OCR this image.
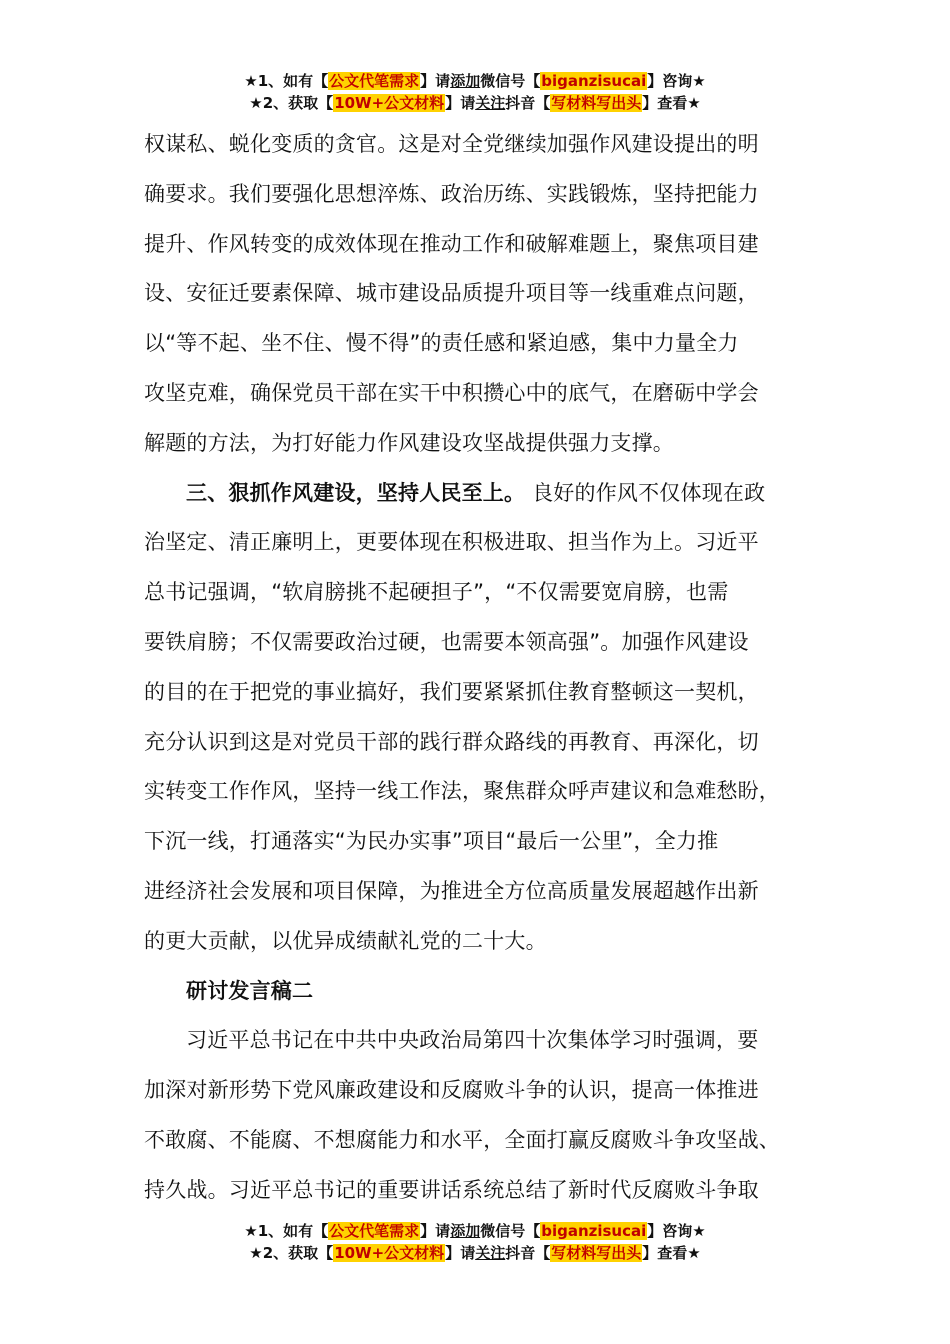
★1、如有【公文代笔需求】请添加微信号【biganzisucai】咨询★
★2、获取【10W+公文材料】请关注抖音【写材料写出头】查看★
权谋私、蜕化变质的贪官。这是对全党继续加强作风建设提出的明
确要求。我们要强化思想淬炼、政治历练、实践锻炼，坚持把能力
提升、作风转变的成效体现在推动工作和破解难题上，聚焦项目建
设、安征迁要素保障、城市建设品质提升项目等一线重难点问题，
以“等不起、坐不住、慢不得”的责任感和紧迫感，集中力量全力
攻坚克难，确保党员干部在实干中积攒心中的底气，在磨砺中学会
解题的方法，为打好能力作风建设攻坚战提供强力支撑。
三、狠抓作风建设，坚持人民至上。 良好的作风不仅体现在政
治坚定、清正廉明上，更要体现在积极进取、担当作为上。习近平
总书记强调，“软肩膀挑不起硬担子”，“不仅需要宽肩膀，也需
要铁肩膀；不仅需要政治过硬，也需要本领高强”。加强作风建设
的目的在于把党的事业搞好，我们要紧紧抓住教育整顿这一契机，
充分认识到这是对党员干部的践行群众路线的再教育、再深化，切
实转变工作作风，坚持一线工作法，聚焦群众呼声建议和急难愁盼，
下沉一线，打通落实“为民办实事”项目“最后一公里”，全力推
进经济社会发展和项目保障，为推进全方位高质量发展超越作出新
的更大贡献，以优异成绩献礼党的二十大。
研讨发言稿二
习近平总书记在中共中央政治局第四十次集体学习时强调，要
加深对新形势下党风廉政建设和反腐败斗争的认识，提高一体推进
不敢腐、不能腐、不想腐能力和水平，全面打赢反腐败斗争攻坚战、
持久战。习近平总书记的重要讲话系统总结了新时代反腐败斗争取
★1、如有【公文代笔需求】请添加微信号【biganzisucai】咨询★
★2、获取【10W+公文材料】请关注抖音【写材料写出头】查看★
